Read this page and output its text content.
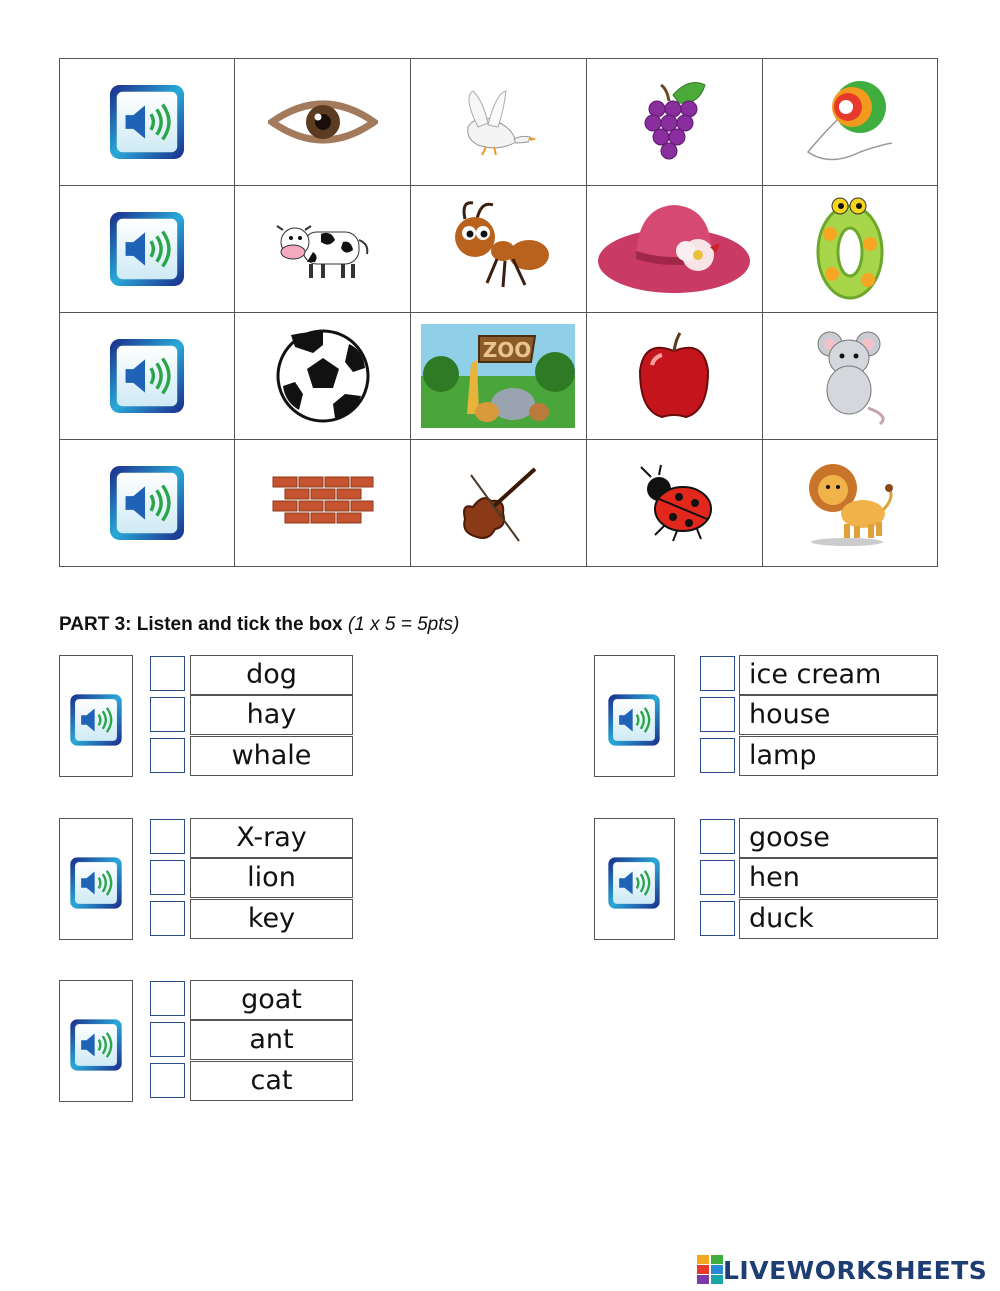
ZOO

PART 3: Listen and tick the box (1 x 5 = 5pts)
dog
hay
whale
ice cream
house
lamp
X-ray
lion
key
goose
hen
duck
goat
ant
cat
LIVEWORKSHEETS
